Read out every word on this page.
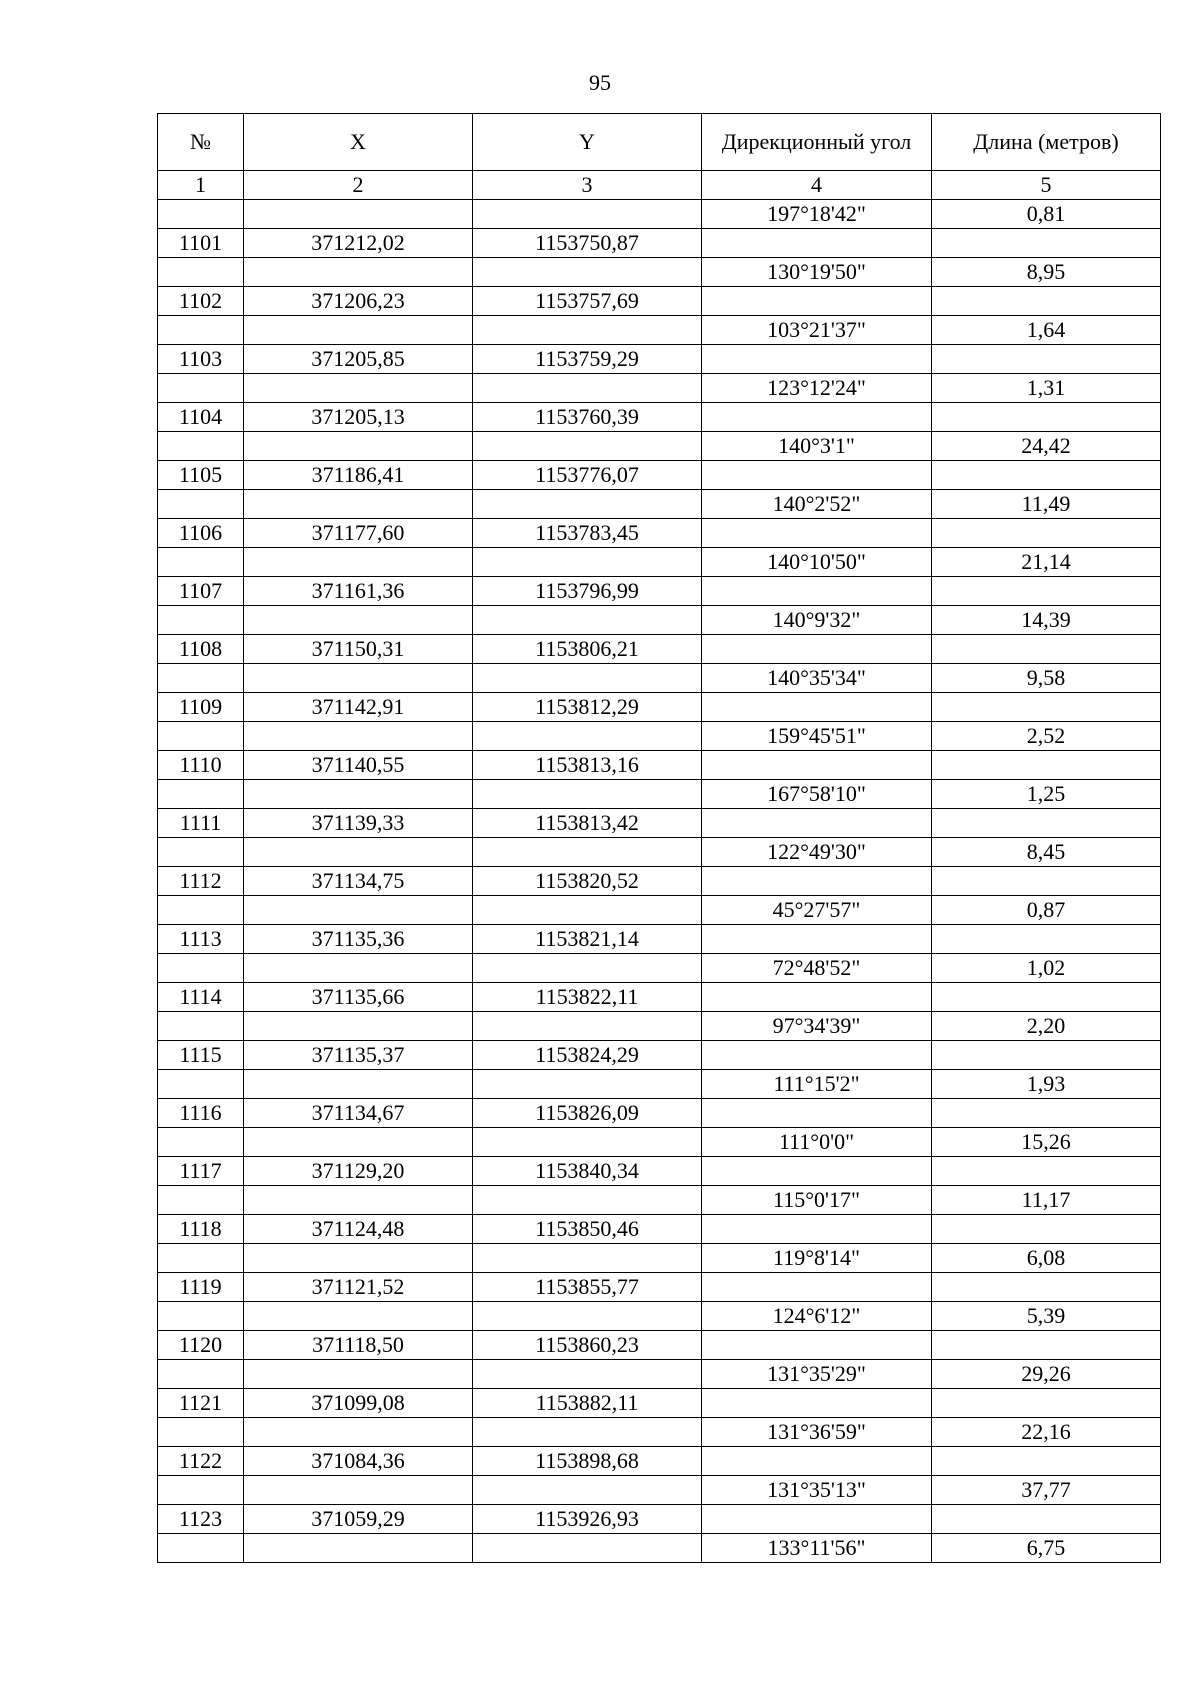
95
№	X	Y	Дирекционный угол	Длина (метров)
1	2	3	4	5
			197°18'42"	0,81
1101	371212,02	1153750,87		
			130°19'50"	8,95
1102	371206,23	1153757,69		
			103°21'37"	1,64
1103	371205,85	1153759,29		
			123°12'24"	1,31
1104	371205,13	1153760,39		
			140°3'1"	24,42
1105	371186,41	1153776,07		
			140°2'52"	11,49
1106	371177,60	1153783,45		
			140°10'50"	21,14
1107	371161,36	1153796,99		
			140°9'32"	14,39
1108	371150,31	1153806,21		
			140°35'34"	9,58
1109	371142,91	1153812,29		
			159°45'51"	2,52
1110	371140,55	1153813,16		
			167°58'10"	1,25
1111	371139,33	1153813,42		
			122°49'30"	8,45
1112	371134,75	1153820,52		
			45°27'57"	0,87
1113	371135,36	1153821,14		
			72°48'52"	1,02
1114	371135,66	1153822,11		
			97°34'39"	2,20
1115	371135,37	1153824,29		
			111°15'2"	1,93
1116	371134,67	1153826,09		
			111°0'0"	15,26
1117	371129,20	1153840,34		
			115°0'17"	11,17
1118	371124,48	1153850,46		
			119°8'14"	6,08
1119	371121,52	1153855,77		
			124°6'12"	5,39
1120	371118,50	1153860,23		
			131°35'29"	29,26
1121	371099,08	1153882,11		
			131°36'59"	22,16
1122	371084,36	1153898,68		
			131°35'13"	37,77
1123	371059,29	1153926,93		
			133°11'56"	6,75
